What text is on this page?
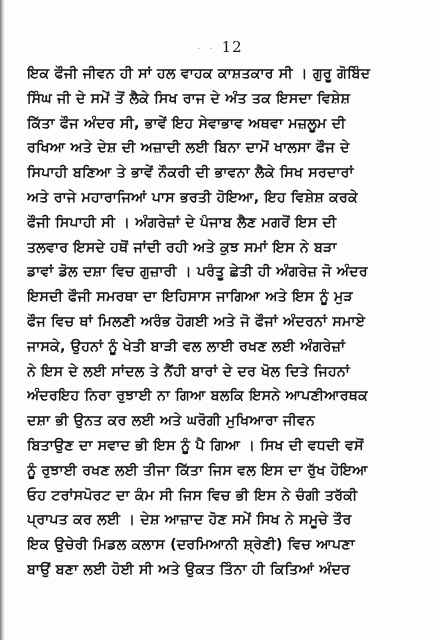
· · 12
ਇਕ ਫੌਜੀ ਜੀਵਨ ਹੀ ਸਾਂ ਹਲ ਵਾਹਕ ਕਾਸ਼ਤਕਾਰ ਸੀ । ਗੁਰੂ ਗੋਬਿੰਦ
ਸਿੰਘ ਜੀ ਦੇ ਸਮੇਂ ਤੋਂ ਲੈਕੇ ਸਿਖ ਰਾਜ ਦੇ ਅੰਤ ਤਕ ਇਸਦਾ ਵਿਸ਼ੇਸ਼
ਕਿੱਤਾ ਫੌਜ ਅੰਦਰ ਸੀ, ਭਾਵੇਂ ਇਹ ਸੇਵਾਭਾਵ ਅਥਵਾ ਮਜ਼ਲੂਮ ਦੀ
ਰਖਿਆ ਅਤੇ ਦੇਸ਼ ਦੀ ਅਜ਼ਾਦੀ ਲਈ ਬਿਨਾ ਦਾਮੋਂ ਖਾਲਸਾ ਫੌਜ ਦੇ
ਸਿਪਾਹੀ ਬਣਿਆ ਤੇ ਭਾਵੇਂ ਨੌਕਰੀ ਦੀ ਭਾਵਨਾ ਲੈਕੇ ਸਿਖ ਸਰਦਾਰਾਂ
ਅਤੇ ਰਾਜੇ ਮਹਾਰਾਜਿਆਂ ਪਾਸ ਭਰਤੀ ਹੋਇਆ, ਇਹ ਵਿਸ਼ੇਸ਼ ਕਰਕੇ
ਫੌਜੀ ਸਿਪਾਹੀ ਸੀ । ਅੰਗਰੇਜ਼ਾਂ ਦੇ ਪੰਜਾਬ ਲੈਣ ਮਗਰੋਂ ਇਸ ਦੀ
ਤਲਵਾਰ ਇਸਦੇ ਹਥੋਂ ਜਾਂਦੀ ਰਹੀ ਅਤੇ ਕੁਝ ਸਮਾਂ ਇਸ ਨੇ ਬੜਾ
ਡਾਵਾਂ ਡੋਲ ਦਸ਼ਾ ਵਿਚ ਗੁਜ਼ਾਰੀ । ਪਰੰਤੂ ਛੇਤੀ ਹੀ ਅੰਗਰੇਜ਼ ਜੋ ਅੰਦਰ
ਇਸਦੀ ਫੌਜੀ ਸਮਰਥਾ ਦਾ ਇਹਿਸਾਸ ਜਾਗਿਆ ਅਤੇ ਇਸ ਨੂੰ ਮੁੜ
ਫੌਜ ਵਿਚ ਥਾਂ ਮਿਲਣੀ ਅਰੰਭ ਹੋਗਈ ਅਤੇ ਜੋ ਫੌਜਾਂ ਅੰਦਰਨਾਂ ਸਮਾਏ
ਜਾਸਕੇ, ਉਹਨਾਂ ਨੂੰ ਖੇਤੀ ਬਾੜੀ ਵਲ ਲਾਈ ਰਖਣ ਲਈ ਅੰਗਰੇਜ਼ਾਂ
ਨੇ ਇਸ ਦੇ ਲਈ ਸਾਂਦਲ ਤੇ ਨੈਂਹੀ ਬਾਰਾਂ ਦੇ ਦਰ ਖੋਲ ਦਿਤੇ ਜਿਹਨਾਂ
ਅੰਦਰਇਹ ਨਿਰਾ ਰੁਝਾਈ ਨਾ ਗਿਆ ਬਲਕਿ ਇਸਨੇ ਆਪਣੀਆਰਥਕ
ਦਸ਼ਾ ਭੀ ਉਨਤ ਕਰ ਲਈ ਅਤੇ ਘਰੋਗੀ ਮੁਖਿਆਰਾ ਜੀਵਨ
ਬਿਤਾਉਣ ਦਾ ਸਵਾਦ ਭੀ ਇਸ ਨੂੰ ਪੈ ਗਿਆ । ਸਿਖ ਦੀ ਵਧਦੀ ਵਸੋਂ
ਨੂੰ ਰੁਝਾਈ ਰਖਣ ਲਈ ਤੀਜਾ ਕਿੱਤਾ ਜਿਸ ਵਲ ਇਸ ਦਾ ਰੁੱਖ ਹੋਇਆ
ਓਹ ਟਰਾਂਸਪੋਰਟ ਦਾ ਕੰਮ ਸੀ ਜਿਸ ਵਿਚ ਭੀ ਇਸ ਨੇ ਚੰਗੀ ਤਰੱਕੀ
ਪ੍ਰਾਪਤ ਕਰ ਲਈ । ਦੇਸ਼ ਆਜ਼ਾਦ ਹੋਣ ਸਮੇਂ ਸਿਖ ਨੇ ਸਮੂਚੇ ਤੌਰ
ਇਕ ਉਚੇਰੀ ਮਿਡਲ ਕਲਾਸ (ਦਰਮਿਆਨੀ ਸ਼੍ਰੇਣੀ) ਵਿਚ ਆਪਣਾ
ਬਾਉਂ ਬਣਾ ਲਈ ਹੋਈ ਸੀ ਅਤੇ ਉਕਤ ਤਿੰਨਾ ਹੀ ਕਿਤਿਆਂ ਅੰਦਰ
